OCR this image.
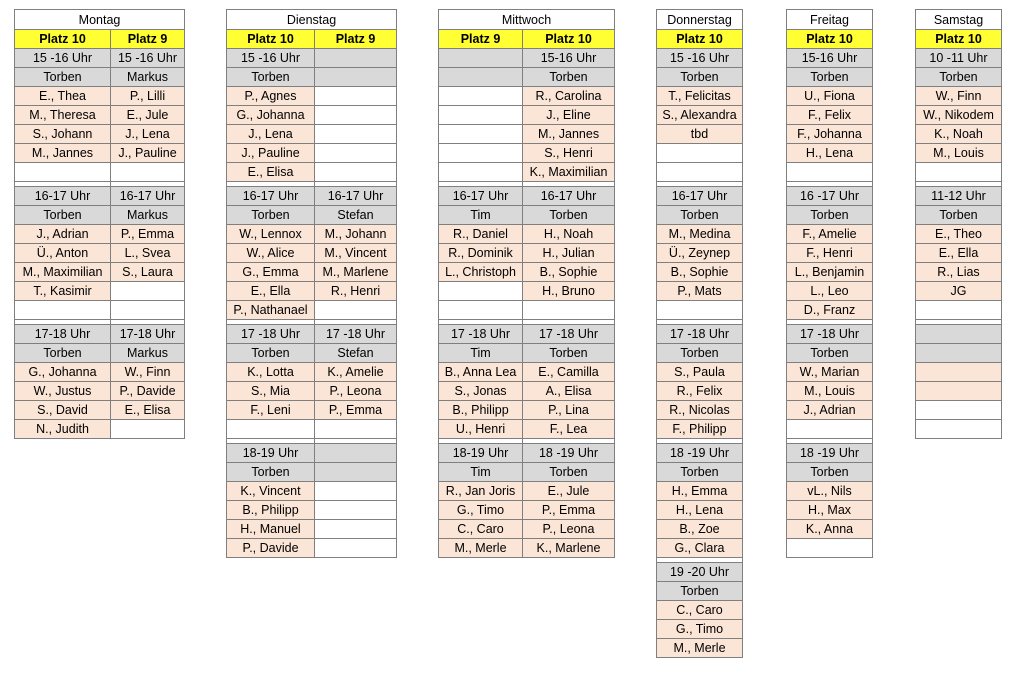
Montag	
Platz 10	Platz 9
15 -16 Uhr	15 -16 Uhr
Torben	Markus
E., Thea	P., Lilli
M., Theresa	E., Jule
S., Johann	J., Lena
M., Jannes	J., Pauline

16-17 Uhr	16-17 Uhr
Torben	Markus
J., Adrian	P., Emma
Ü., Anton	L., Svea
M., Maximilian	S., Laura
T., Kasimir	

17-18 Uhr	17-18 Uhr
Torben	Markus
G., Johanna	W., Finn
W., Justus	P., Davide
S., David	E., Elisa
N., Judith	
Dienstag	
Platz 10	Platz 9
15 -16 Uhr	
Torben	
P., Agnes	
G., Johanna	
J., Lena	
J., Pauline	
E., Elisa	

16-17 Uhr	16-17 Uhr
Torben	Stefan
W., Lennox	M., Johann
W., Alice	M., Vincent
G., Emma	M., Marlene
E., Ella	R., Henri
P., Nathanael	

17 -18 Uhr	17 -18 Uhr
Torben	Stefan
K., Lotta	K., Amelie
S., Mia	P., Leona
F., Leni	P., Emma

18-19 Uhr	
Torben	
K., Vincent	
B., Philipp	
H., Manuel	
P., Davide	
Mittwoch	
Platz 9	Platz 10
	15-16 Uhr
	Torben
	R., Carolina
	J., Eline
	M., Jannes
	S., Henri
	K., Maximilian

16-17 Uhr	16-17 Uhr
Tim	Torben
R., Daniel	H., Noah
R., Dominik	H., Julian
L., Christoph	B., Sophie
	H., Bruno

17 -18 Uhr	17 -18 Uhr
Tim	Torben
B., Anna Lea	E., Camilla
S., Jonas	A., Elisa
B., Philipp	P., Lina
U., Henri	F., Lea

18-19 Uhr	18 -19 Uhr
Tim	Torben
R., Jan Joris	E., Jule
G., Timo	P., Emma
C., Caro	P., Leona
M., Merle	K., Marlene
Donnerstag
Platz 10
15 -16 Uhr
Torben
T., Felicitas
S., Alexandra
tbd

16-17 Uhr
Torben
M., Medina
Ü., Zeynep
B., Sophie
P., Mats

17 -18 Uhr
Torben
S., Paula
R., Felix
R., Nicolas
F., Philipp

18 -19 Uhr
Torben
H., Emma
H., Lena
B., Zoe
G., Clara

19 -20 Uhr
Torben
C., Caro
G., Timo
M., Merle
Freitag
Platz 10
15-16 Uhr
Torben
U., Fiona
F., Felix
F., Johanna
H., Lena

16 -17 Uhr
Torben
F., Amelie
F., Henri
L., Benjamin
L., Leo
D., Franz

17 -18 Uhr
Torben
W., Marian
M., Louis
J., Adrian

18 -19 Uhr
Torben
vL., Nils
H., Max
K., Anna

Samstag
Platz 10
10 -11 Uhr
Torben
W., Finn
W., Nikodem
K., Noah
M., Louis

11-12 Uhr
Torben
E., Theo
E., Ella
R., Lias
JG
